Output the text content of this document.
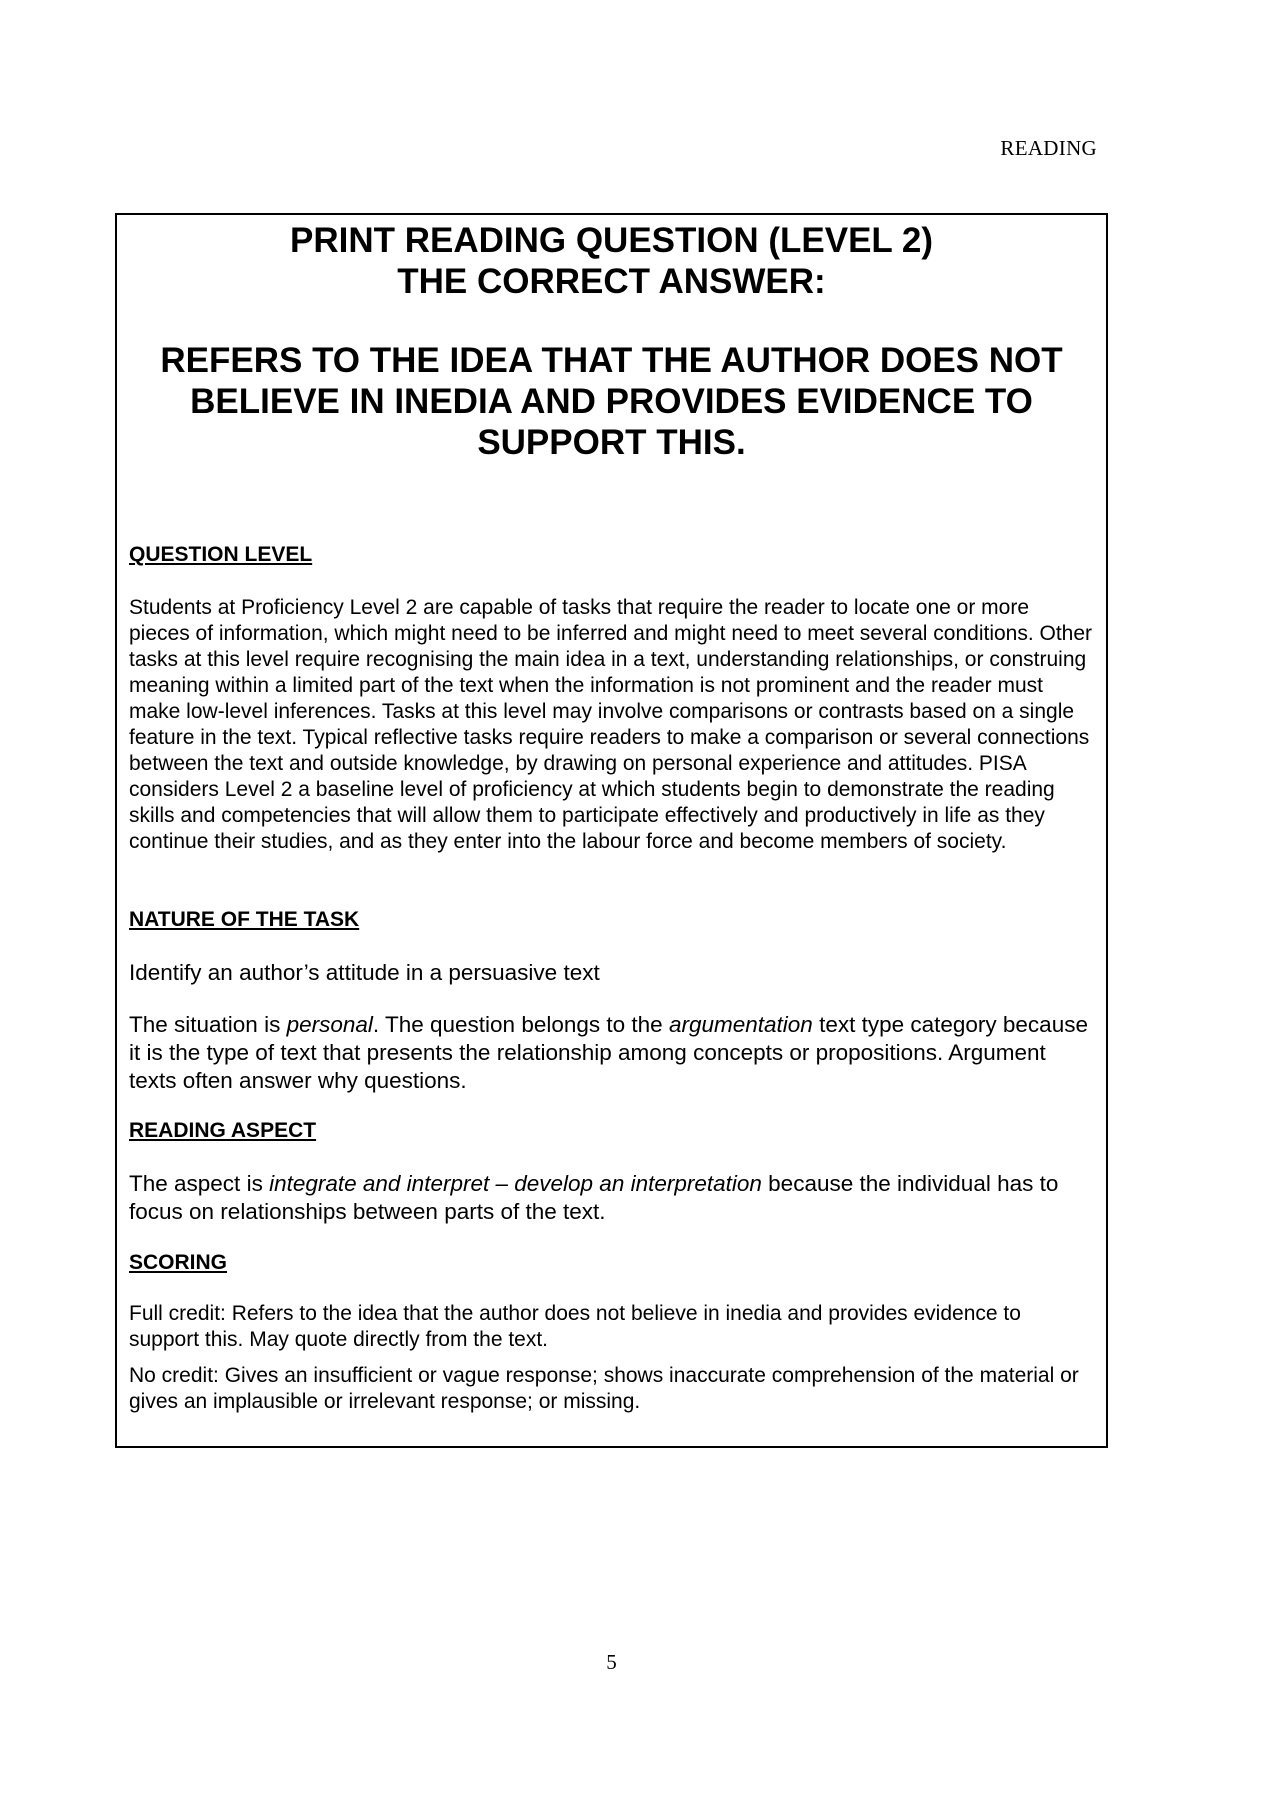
READING

PRINT READING QUESTION (LEVEL 2)

THE CORRECT ANSWER:

REFERS TO THE IDEA THAT THE AUTHOR DOES NOT BELIEVE IN INEDIA AND PROVIDES EVIDENCE TO SUPPORT THIS.
QUESTION LEVEL
Students at Proficiency Level 2 are capable of tasks that require the reader to locate one or more pieces of information, which might need to be inferred and might need to meet several conditions. Other tasks at this level require recognising the main idea in a text, understanding relationships, or construing meaning within a limited part of the text when the information is not prominent and the reader must make low-level inferences. Tasks at this level may involve comparisons or contrasts based on a single feature in the text. Typical reflective tasks require readers to make a comparison or several connections between the text and outside knowledge, by drawing on personal experience and attitudes. PISA considers Level 2 a baseline level of proficiency at which students begin to demonstrate the reading skills and competencies that will allow them to participate effectively and productively in life as they continue their studies, and as they enter into the labour force and become members of society.
NATURE OF THE TASK

Identify an author’s attitude in a persuasive text

The situation is personal. The question belongs to the argumentation text type category because it is the type of text that presents the relationship among concepts or propositions. Argument texts often answer why questions.

READING ASPECT

The aspect is integrate and interpret – develop an interpretation because the individual has to focus on relationships between parts of the text.

SCORING
Full credit: Refers to the idea that the author does not believe in inedia and provides evidence to support this. May quote directly from the text.
No credit: Gives an insufficient or vague response; shows inaccurate comprehension of the material or gives an implausible or irrelevant response; or missing.
5
